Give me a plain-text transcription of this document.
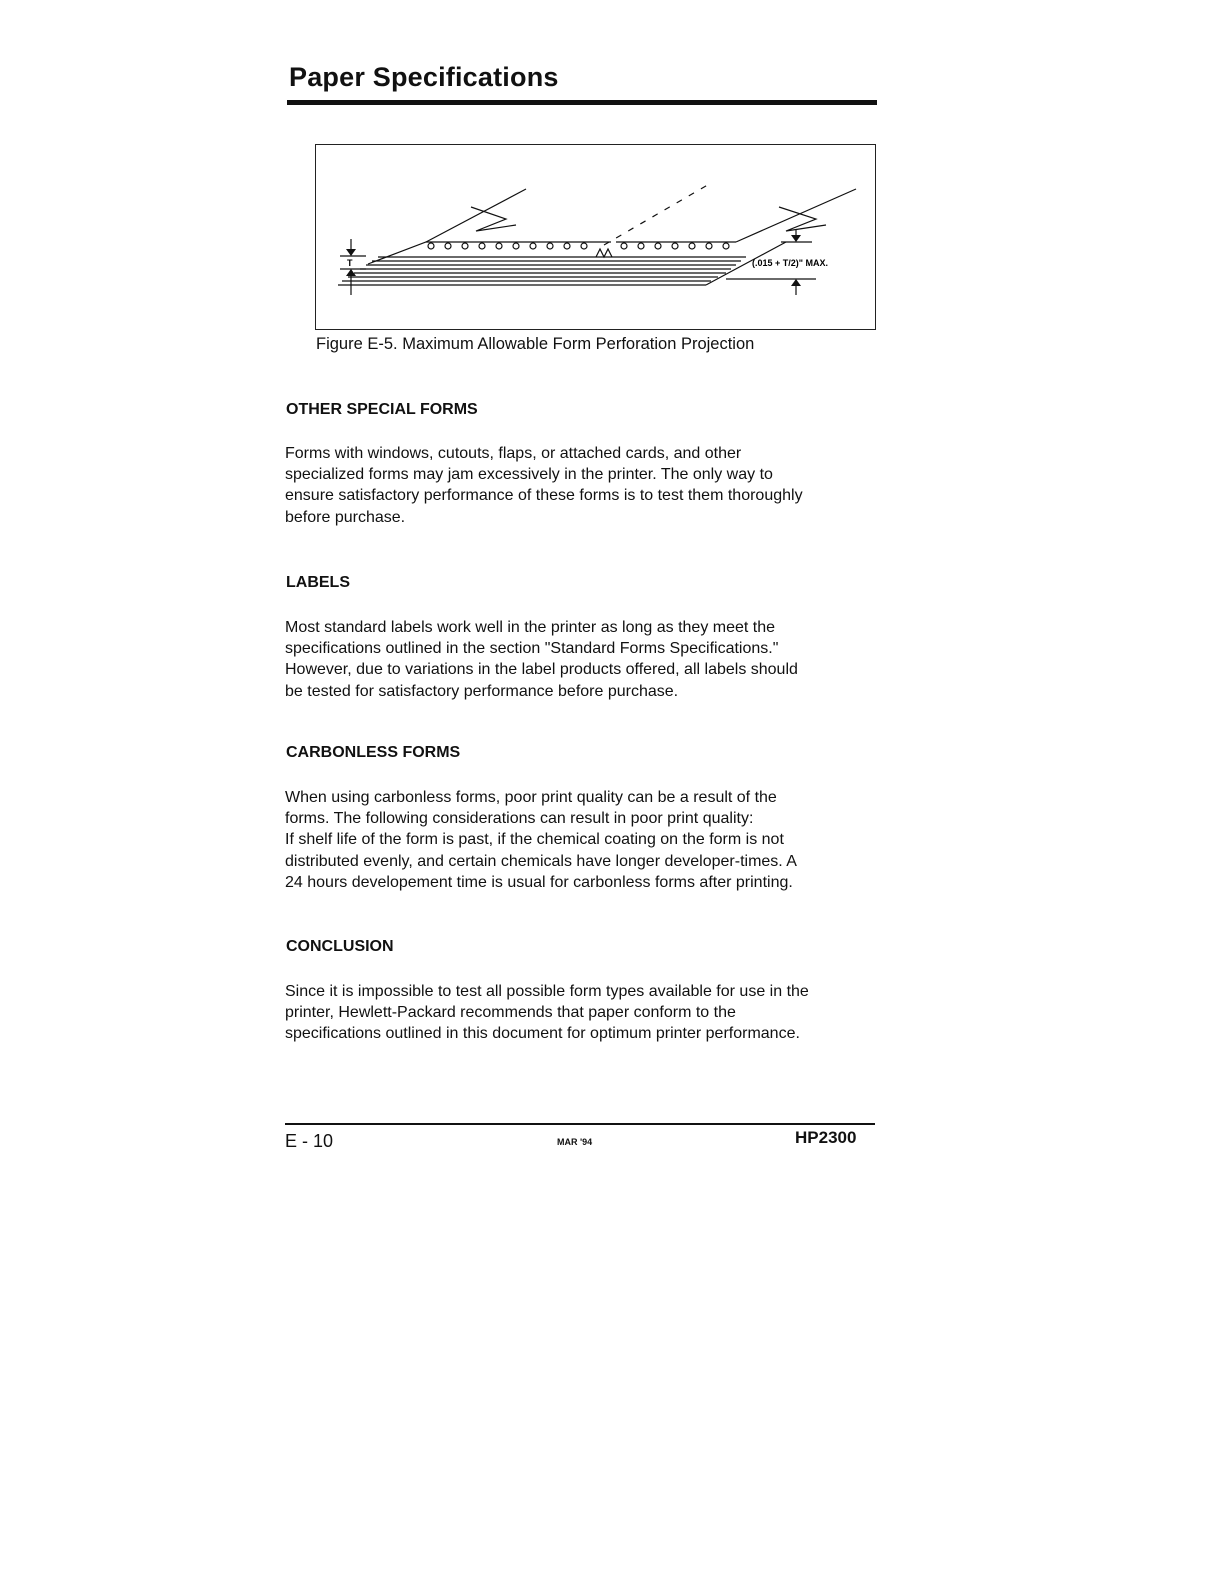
Paper Specifications
T	(.015 + T/2)" MAX.

Figure E-5. Maximum Allowable Form Perforation Projection

OTHER SPECIAL FORMS

Forms with windows, cutouts, flaps, or attached cards, and other
specialized forms may jam excessively in the printer. The only way to
ensure satisfactory performance of these forms is to test them thoroughly
before purchase.

LABELS

Most standard labels work well in the printer as long as they meet the
specifications outlined in the section "Standard Forms Specifications."
However, due to variations in the label products offered, all labels should
be tested for satisfactory performance before purchase.

CARBONLESS FORMS

When using carbonless forms, poor print quality can be a result of the
forms. The following considerations can result in poor print quality:
If shelf life of the form is past, if the chemical coating on the form is not
distributed evenly, and certain chemicals have longer developer-times. A
24 hours developement time is usual for carbonless forms after printing.

CONCLUSION

Since it is impossible to test all possible form types available for use in the
printer, Hewlett-Packard recommends that paper conform to the
specifications outlined in this document for optimum printer performance.

E - 10	MAR '94	HP2300
